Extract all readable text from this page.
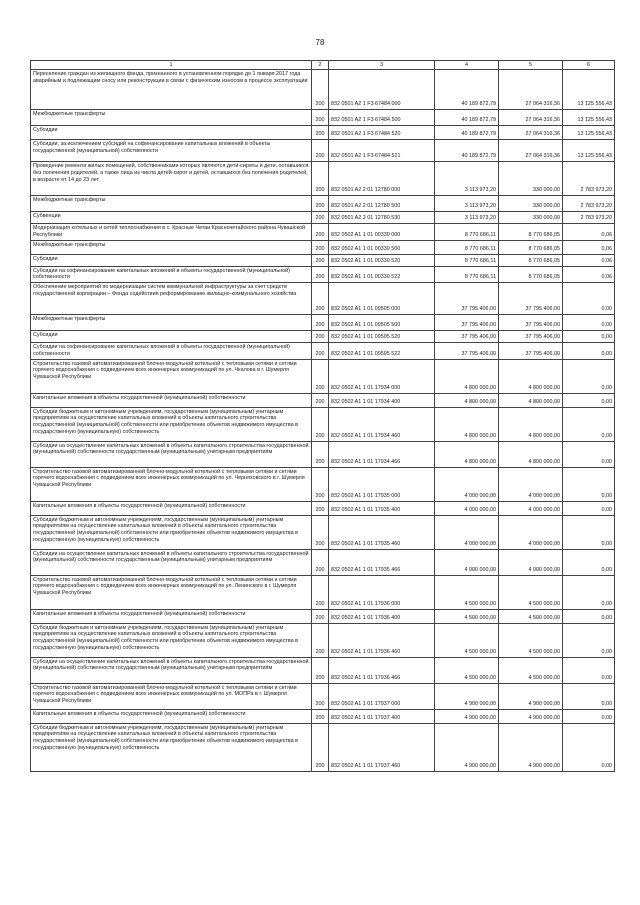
78
1	2	3	4	5	6
Переселение граждан из жилищного фонда, признанного в установленном порядке до 1 января 2017 года аварийным и подлежащим сносу или реконструкции в связи с физическим износом в процессе эксплуатации	200	832 0501 A2 1 F3 67484 000	40 189 872,79	27 064 316,36	13 125 556,43
Межбюджетные трансферты	200	832 0501 A2 1 F3 67484 500	40 189 872,79	27 064 316,36	13 125 556,43
Субсидии	200	832 0501 A2 1 F3 67484 520	40 189 872,79	27 064 316,36	13 125 556,43
Субсидии, за исключением субсидий на софинансирование капитальных вложений в объекты государственной (муниципальной) собственности	200	832 0501 A2 1 F3 67484 521	40 189 872,79	27 064 316,36	13 125 556,43
Проведение ремонта жилых помещений, собственниками которых являются дети-сироты и дети, оставшиеся без попечения родителей, а также лица из числа детей-сирот и детей, оставшихся без попечения родителей, в возрасте от 14 до 23 лет	200	832 0501 A2 2 01 12780 000	3 113 973,20	330 000,00	2 783 973,20
Межбюджетные трансферты	200	832 0501 A2 2 01 12780 500	3 113 973,20	330 000,00	2 783 973,20
Субвенции	200	832 0501 A2 2 01 12780 530	3 113 973,20	330 000,00	2 783 973,20
Модернизация котельных и сетей теплоснабжения в с. Красные Четаи Красночетайского района Чувашской Республики	200	832 0502 A1 1 01 00330 000	8 770 686,11	8 770 686,05	0,06
Межбюджетные трансферты	200	832 0502 A1 1 01 00330 500	8 770 686,11	8 770 686,05	0,06
Субсидии	200	832 0502 A1 1 01 00330 520	8 770 686,11	8 770 686,05	0,06
Субсидии на софинансирование капитальных вложений в объекты государственной (муниципальной) собственности	200	832 0502 A1 1 01 00330 522	8 770 686,11	8 770 686,05	0,06
Обеспечение мероприятий по модернизации систем коммунальной инфраструктуры за счет средств государственной корпорации – Фонда содействия реформированию жилищно-коммунального хозяйства	200	832 0502 A1 1 01 09505 000	37 795 406,00	37 795 406,00	0,00
Межбюджетные трансферты	200	832 0502 A1 1 01 09505 500	37 795 406,00	37 795 406,00	0,00
Субсидии	200	832 0502 A1 1 01 09505 520	37 795 406,00	37 795 406,00	0,00
Субсидии на софинансирование капитальных вложений в объекты государственной (муниципальной) собственности	200	832 0502 A1 1 01 09505 522	37 795 406,00	37 795 406,00	0,00
Строительство газовой автоматизированной блочно-модульной котельной с тепловыми сетями и сетями горячего водоснабжения с подведением всех инженерных коммуникаций по ул. Чкалова в г. Шумерля Чувашской Республики	200	832 0502 A1 1 01 17934 000	4 800 000,00	4 800 000,00	0,00
Капитальные вложения в объекты государственной (муниципальной) собственности	200	832 0502 A1 1 01 17934 400	4 800 000,00	4 800 000,00	0,00
Субсидии бюджетным и автономным учреждениям, государственным (муниципальным) унитарным предприятиям на осуществление капитальных вложений в объекты капитального строительства государственной (муниципальной) собственности или приобретение объектов недвижимого имущества в государственную (муниципальную) собственность	200	832 0502 A1 1 01 17934 460	4 800 000,00	4 800 000,00	0,00
Субсидии на осуществление капитальных вложений в объекты капитального строительства государственной (муниципальной) собственности государственным (муниципальным) унитарным предприятиям	200	832 0502 A1 1 01 17934 466	4 800 000,00	4 800 000,00	0,00
Строительство газовой автоматизированной блочно-модульной котельной с тепловыми сетями и сетями горячего водоснабжения с подведением всех инженерных коммуникаций по ул. Черняховского в г. Шумерля Чувашской Республики	200	832 0502 A1 1 01 17935 000	4 000 000,00	4 000 000,00	0,00
Капитальные вложения в объекты государственной (муниципальной) собственности	200	832 0502 A1 1 01 17935 400	4 000 000,00	4 000 000,00	0,00
Субсидии бюджетным и автономным учреждениям, государственным (муниципальным) унитарным предприятиям на осуществление капитальных вложений в объекты капитального строительства государственной (муниципальной) собственности или приобретение объектов недвижимого имущества в государственную (муниципальную) собственность	200	832 0502 A1 1 01 17935 460	4 000 000,00	4 000 000,00	0,00
Субсидии на осуществление капитальных вложений в объекты капитального строительства государственной (муниципальной) собственности государственным (муниципальным) унитарным предприятиям	200	832 0502 A1 1 01 17935 466	4 000 000,00	4 000 000,00	0,00
Строительство газовой автоматизированной блочно-модульной котельной с тепловыми сетями и сетями горячего водоснабжения с подведением всех инженерных коммуникаций по ул. Ленинского в г. Шумерля Чувашской Республики	200	832 0502 A1 1 01 17936 000	4 500 000,00	4 500 000,00	0,00
Капитальные вложения в объекты государственной (муниципальной) собственности	200	832 0502 A1 1 01 17936 400	4 500 000,00	4 500 000,00	0,00
Субсидии бюджетным и автономным учреждениям, государственным (муниципальным) унитарным предприятиям на осуществление капитальных вложений в объекты капитального строительства государственной (муниципальной) собственности или приобретение объектов недвижимого имущества в государственную (муниципальную) собственность	200	832 0502 A1 1 01 17936 460	4 500 000,00	4 500 000,00	0,00
Субсидии на осуществление капитальных вложений в объекты капитального строительства государственной (муниципальной) собственности государственным (муниципальным) унитарным предприятиям	200	832 0502 A1 1 01 17936 466	4 500 000,00	4 500 000,00	0,00
Строительство газовой автоматизированной блочно-модульной котельной с тепловыми сетями и сетями горячего водоснабжения с подведением всех инженерных коммуникаций по ул. МОПРа в г. Шумерля Чувашской Республики	200	832 0502 A1 1 01 17937 000	4 900 000,00	4 900 000,00	0,00
Капитальные вложения в объекты государственной (муниципальной) собственности	200	832 0502 A1 1 01 17937 400	4 900 000,00	4 900 000,00	0,00
Субсидии бюджетным и автономным учреждениям, государственным (муниципальным) унитарным предприятиям на осуществление капитальных вложений в объекты капитального строительства государственной (муниципальной) собственности или приобретение объектов недвижимого имущества в государственную (муниципальную) собственность	200	832 0502 A1 1 01 17937 460	4 900 000,00	4 900 000,00	0,00
